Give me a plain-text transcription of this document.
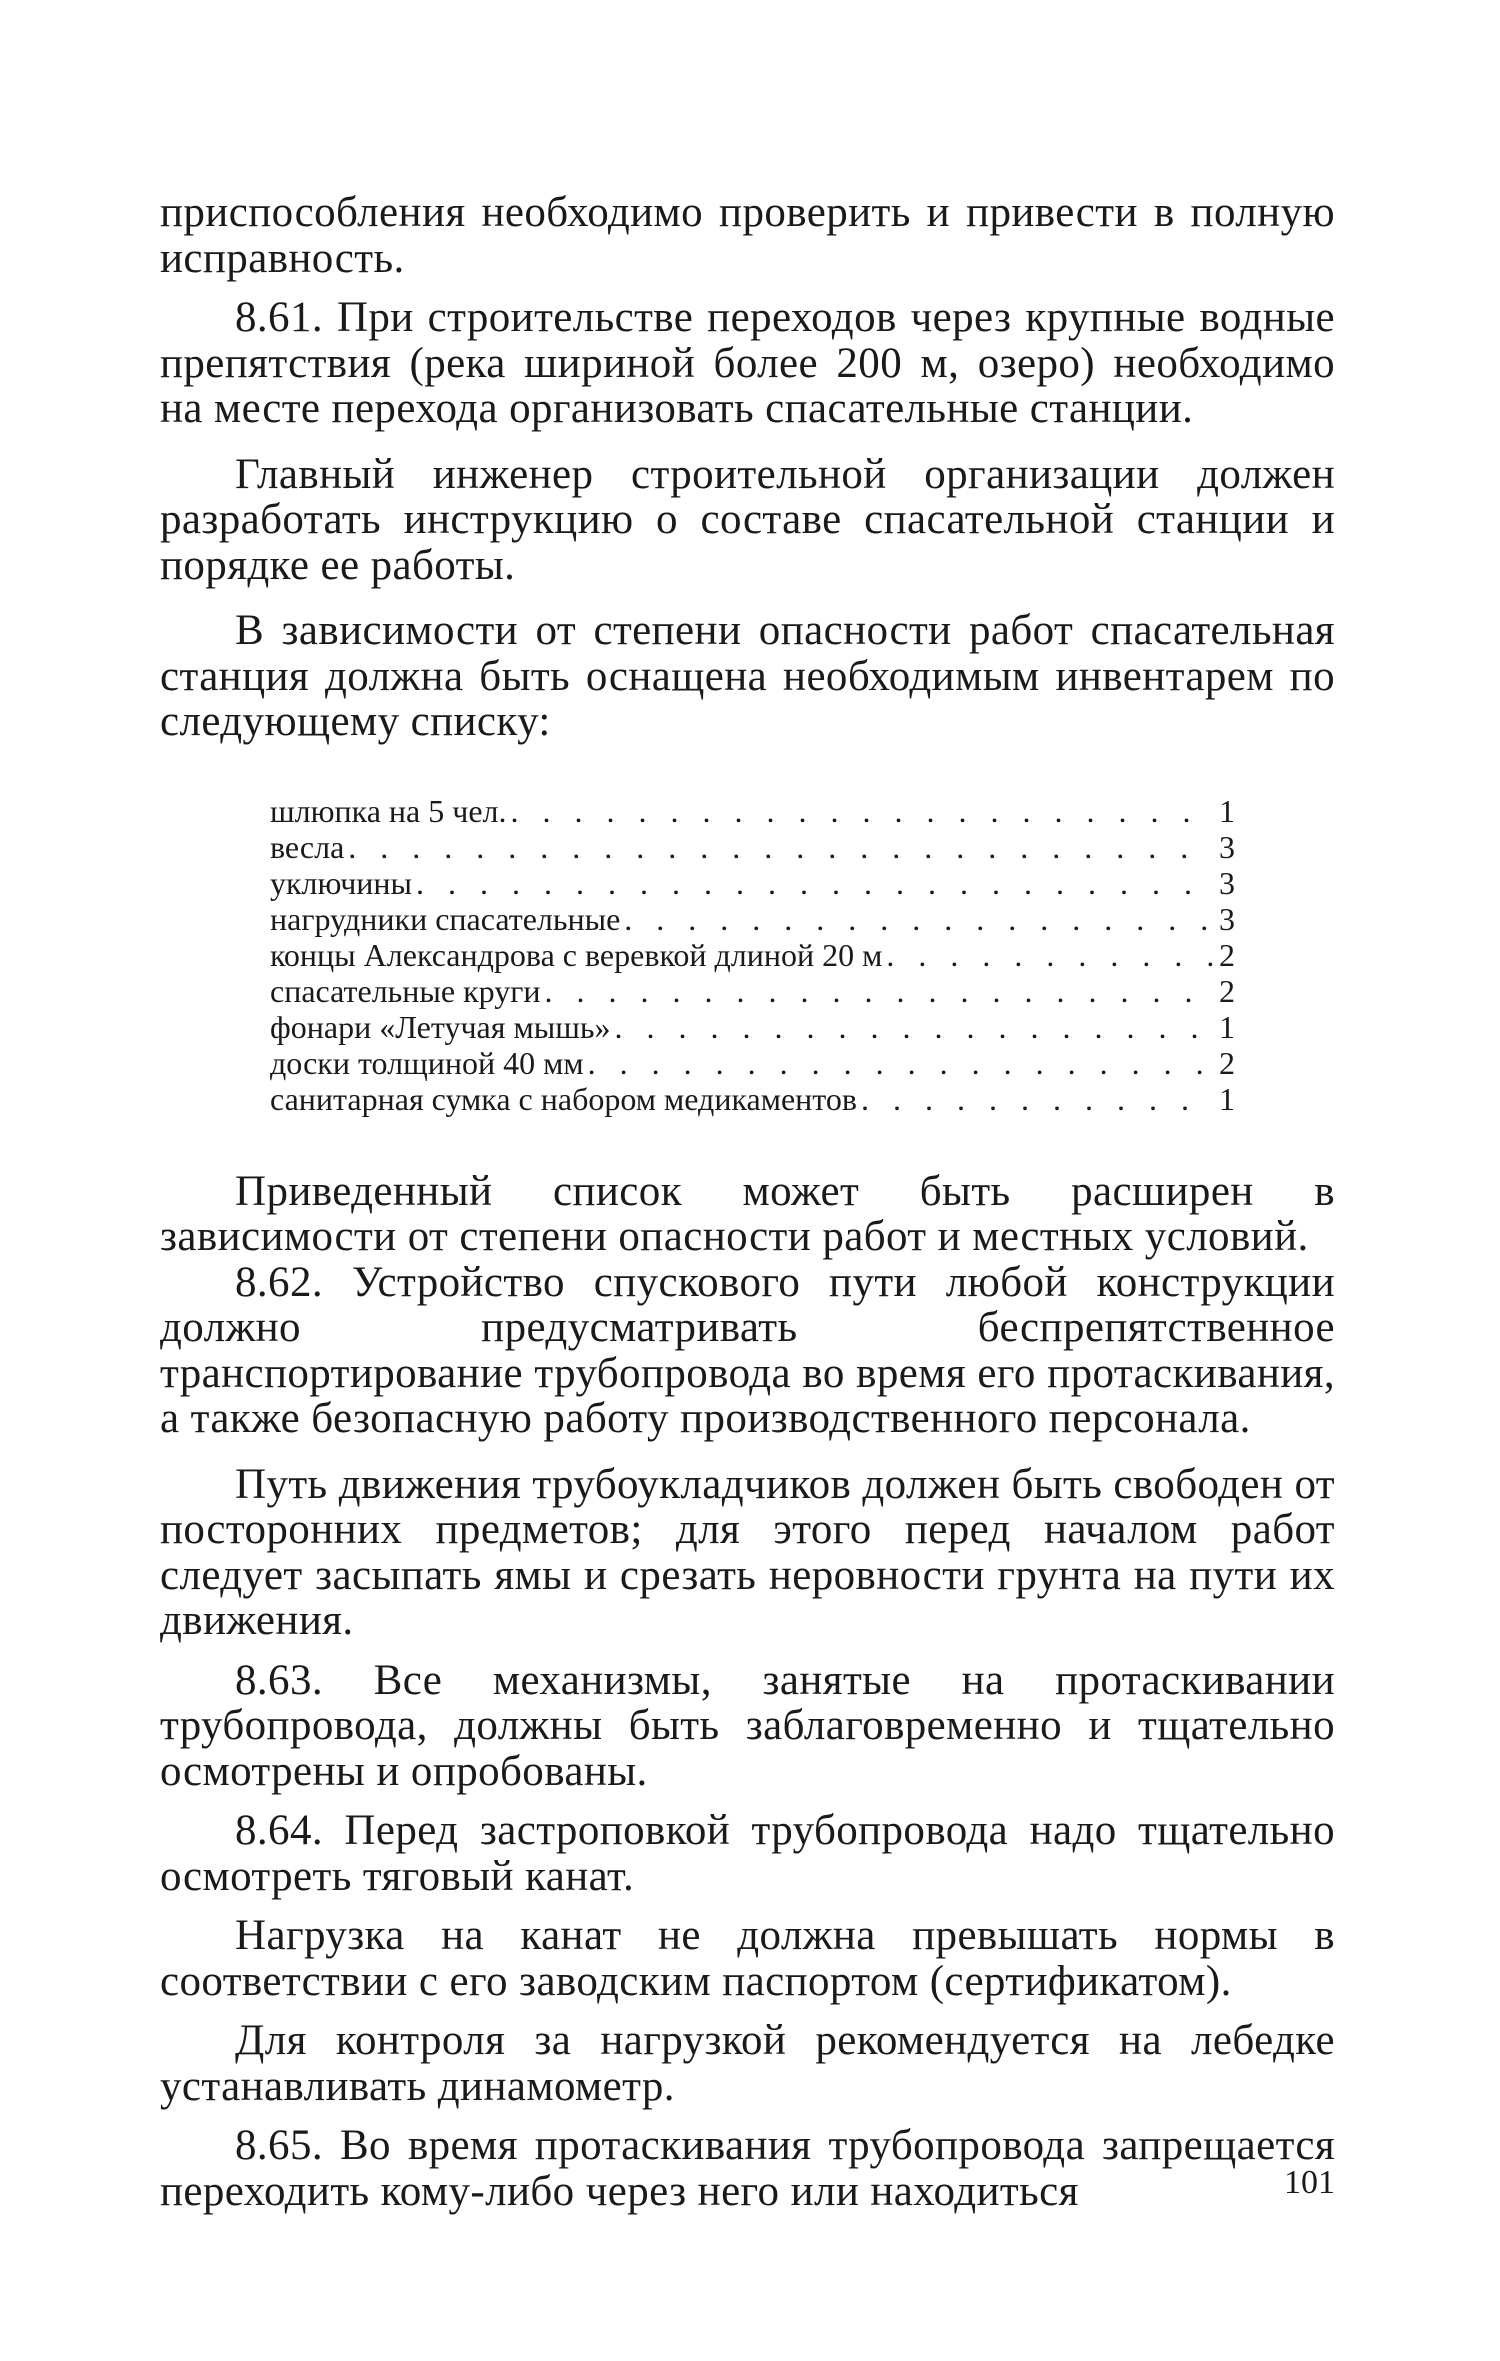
приспособления необходимо проверить и привести в полную исправность.

8.61. При строительстве переходов через крупные водные препятствия (река шириной более 200 м, озеро) необходимо на месте перехода организовать спасательные станции.

Главный инженер строительной организации должен разработать инструкцию о составе спасательной станции и порядке ее работы.

В зависимости от степени опасности работ спасательная станция должна быть оснащена необходимым инвентарем по следующему списку:

шлюпка на 5 чел. . . .	1
весла . . .	3
уключины . . .	3
нагрудники спасательные . . .	3
концы Александрова с веревкой длиной 20 м . . .	2
спасательные круги . . .	2
фонари «Летучая мышь» . . .	1
доски толщиной 40 мм . . .	2
санитарная сумка с набором медикаментов . . .	1

Приведенный список может быть расширен в зависимости от степени опасности работ и местных условий.

8.62. Устройство спускового пути любой конструкции должно предусматривать беспрепятственное транспортирование трубопровода во время его протаскивания, а также безопасную работу производственного персонала.

Путь движения трубоукладчиков должен быть свободен от посторонних предметов; для этого перед началом работ следует засыпать ямы и срезать неровности грунта на пути их движения.

8.63. Все механизмы, занятые на протаскивании трубопровода, должны быть заблаговременно и тщательно осмотрены и опробованы.

8.64. Перед застроповкой трубопровода надо тщательно осмотреть тяговый канат.

Нагрузка на канат не должна превышать нормы в соответствии с его заводским паспортом (сертификатом).

Для контроля за нагрузкой рекомендуется на лебедке устанавливать динамометр.

8.65. Во время протаскивания трубопровода запрещается переходить кому-либо через него или находиться	101
